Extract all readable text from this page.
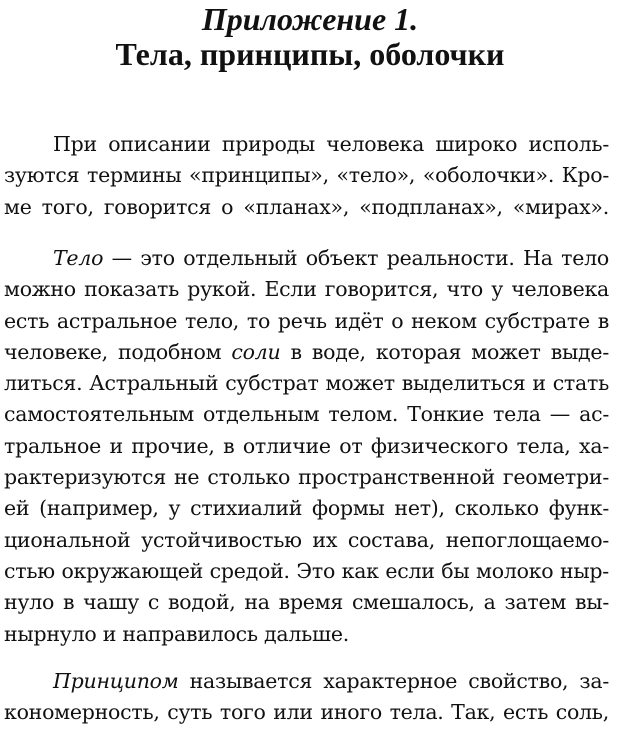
Приложение 1.
Тела, принципы, оболочки
При описании природы человека широко исполь-
зуются термины «принципы», «тело», «оболочки». Кро-
ме того, говорится о «планах», «подпланах», «мирах».
Тело — это отдельный объект реальности. На тело
можно показать рукой. Если говорится, что у человека
есть астральное тело, то речь идёт о неком субстрате в
человеке, подобном соли в воде, которая может выде-
литься. Астральный субстрат может выделиться и стать
самостоятельным отдельным телом. Тонкие тела — ас-
тральное и прочие, в отличие от физического тела, ха-
рактеризуются не столько пространственной геометри-
ей (например, у стихиалий формы нет), сколько функ-
циональной устойчивостью их состава, непоглощаемо-
стью окружающей средой. Это как если бы молоко ныр-
нуло в чашу с водой, на время смешалось, а затем вы-
нырнуло и направилось дальше.
Принципом называется характерное свойство, за-
кономерность, суть того или иного тела. Так, есть соль,
